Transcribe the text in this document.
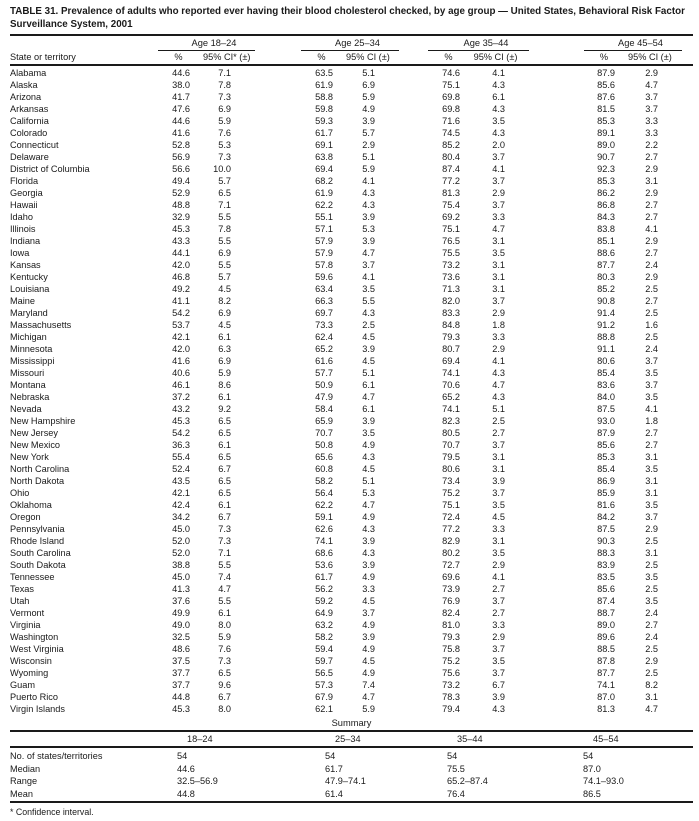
TABLE 31. Prevalence of adults who reported ever having their blood cholesterol checked, by age group — United States, Behavioral Risk Factor Surveillance System, 2001
Age 18–24	Age 25–34	Age 35–44	Age 45–54
State or territory	%	95% CI* (±)	%	95% CI (±)	%	95% CI (±)	%	95% CI (±)
Alabama	44.6	7.1	63.5	5.1	74.6	4.1	87.9	2.9
Alaska	38.0	7.8	61.9	6.9	75.1	4.3	85.6	4.7
Arizona	41.7	7.3	58.8	5.9	69.8	6.1	87.6	3.7
Arkansas	47.6	6.9	59.8	4.9	69.8	4.3	81.5	3.7
California	44.6	5.9	59.3	3.9	71.6	3.5	85.3	3.3
Colorado	41.6	7.6	61.7	5.7	74.5	4.3	89.1	3.3
Connecticut	52.8	5.3	69.1	2.9	85.2	2.0	89.0	2.2
Delaware	56.9	7.3	63.8	5.1	80.4	3.7	90.7	2.7
District of Columbia	56.6	10.0	69.4	5.9	87.4	4.1	92.3	2.9
Florida	49.4	5.7	68.2	4.1	77.2	3.7	85.3	3.1
Georgia	52.9	6.5	61.9	4.3	81.3	2.9	86.2	2.9
Hawaii	48.8	7.1	62.2	4.3	75.4	3.7	86.8	2.7
Idaho	32.9	5.5	55.1	3.9	69.2	3.3	84.3	2.7
Illinois	45.3	7.8	57.1	5.3	75.1	4.7	83.8	4.1
Indiana	43.3	5.5	57.9	3.9	76.5	3.1	85.1	2.9
Iowa	44.1	6.9	57.9	4.7	75.5	3.5	88.6	2.7
Kansas	42.0	5.5	57.8	3.7	73.2	3.1	87.7	2.4
Kentucky	46.8	5.7	59.6	4.1	73.6	3.1	80.3	2.9
Louisiana	49.2	4.5	63.4	3.5	71.3	3.1	85.2	2.5
Maine	41.1	8.2	66.3	5.5	82.0	3.7	90.8	2.7
Maryland	54.2	6.9	69.7	4.3	83.3	2.9	91.4	2.5
Massachusetts	53.7	4.5	73.3	2.5	84.8	1.8	91.2	1.6
Michigan	42.1	6.1	62.4	4.5	79.3	3.3	88.8	2.5
Minnesota	42.0	6.3	65.2	3.9	80.7	2.9	91.1	2.4
Mississippi	41.6	6.9	61.6	4.5	69.4	4.1	80.6	3.7
Missouri	40.6	5.9	57.7	5.1	74.1	4.3	85.4	3.5
Montana	46.1	8.6	50.9	6.1	70.6	4.7	83.6	3.7
Nebraska	37.2	6.1	47.9	4.7	65.2	4.3	84.0	3.5
Nevada	43.2	9.2	58.4	6.1	74.1	5.1	87.5	4.1
New Hampshire	45.3	6.5	65.9	3.9	82.3	2.5	93.0	1.8
New Jersey	54.2	6.5	70.7	3.5	80.5	2.7	87.9	2.7
New Mexico	36.3	6.1	50.8	4.9	70.7	3.7	85.6	2.7
New York	55.4	6.5	65.6	4.3	79.5	3.1	85.3	3.1
North Carolina	52.4	6.7	60.8	4.5	80.6	3.1	85.4	3.5
North Dakota	43.5	6.5	58.2	5.1	73.4	3.9	86.9	3.1
Ohio	42.1	6.5	56.4	5.3	75.2	3.7	85.9	3.1
Oklahoma	42.4	6.1	62.2	4.7	75.1	3.5	81.6	3.5
Oregon	34.2	6.7	59.1	4.9	72.4	4.5	84.2	3.7
Pennsylvania	45.0	7.3	62.6	4.3	77.2	3.3	87.5	2.9
Rhode Island	52.0	7.3	74.1	3.9	82.9	3.1	90.3	2.5
South Carolina	52.0	7.1	68.6	4.3	80.2	3.5	88.3	3.1
South Dakota	38.8	5.5	53.6	3.9	72.7	2.9	83.9	2.5
Tennessee	45.0	7.4	61.7	4.9	69.6	4.1	83.5	3.5
Texas	41.3	4.7	56.2	3.3	73.9	2.7	85.6	2.5
Utah	37.6	5.5	59.2	4.5	76.9	3.7	87.4	3.5
Vermont	49.9	6.1	64.9	3.7	82.4	2.7	88.7	2.4
Virginia	49.0	8.0	63.2	4.9	81.0	3.3	89.0	2.7
Washington	32.5	5.9	58.2	3.9	79.3	2.9	89.6	2.4
West Virginia	48.6	7.6	59.4	4.9	75.8	3.7	88.5	2.5
Wisconsin	37.5	7.3	59.7	4.5	75.2	3.5	87.8	2.9
Wyoming	37.7	6.5	56.5	4.9	75.6	3.7	87.7	2.5
Guam	37.7	9.6	57.3	7.4	73.2	6.7	74.1	8.2
Puerto Rico	44.8	6.7	67.9	4.7	78.3	3.9	87.0	3.1
Virgin Islands	45.3	8.0	62.1	5.9	79.4	4.3	81.3	4.7
Summary
18–24	25–34	35–44	45–54
No. of states/territories	54	54	54	54
Median	44.6	61.7	75.5	87.0
Range	32.5–56.9	47.9–74.1	65.2–87.4	74.1–93.0
Mean	44.8	61.4	76.4	86.5
* Confidence interval.
